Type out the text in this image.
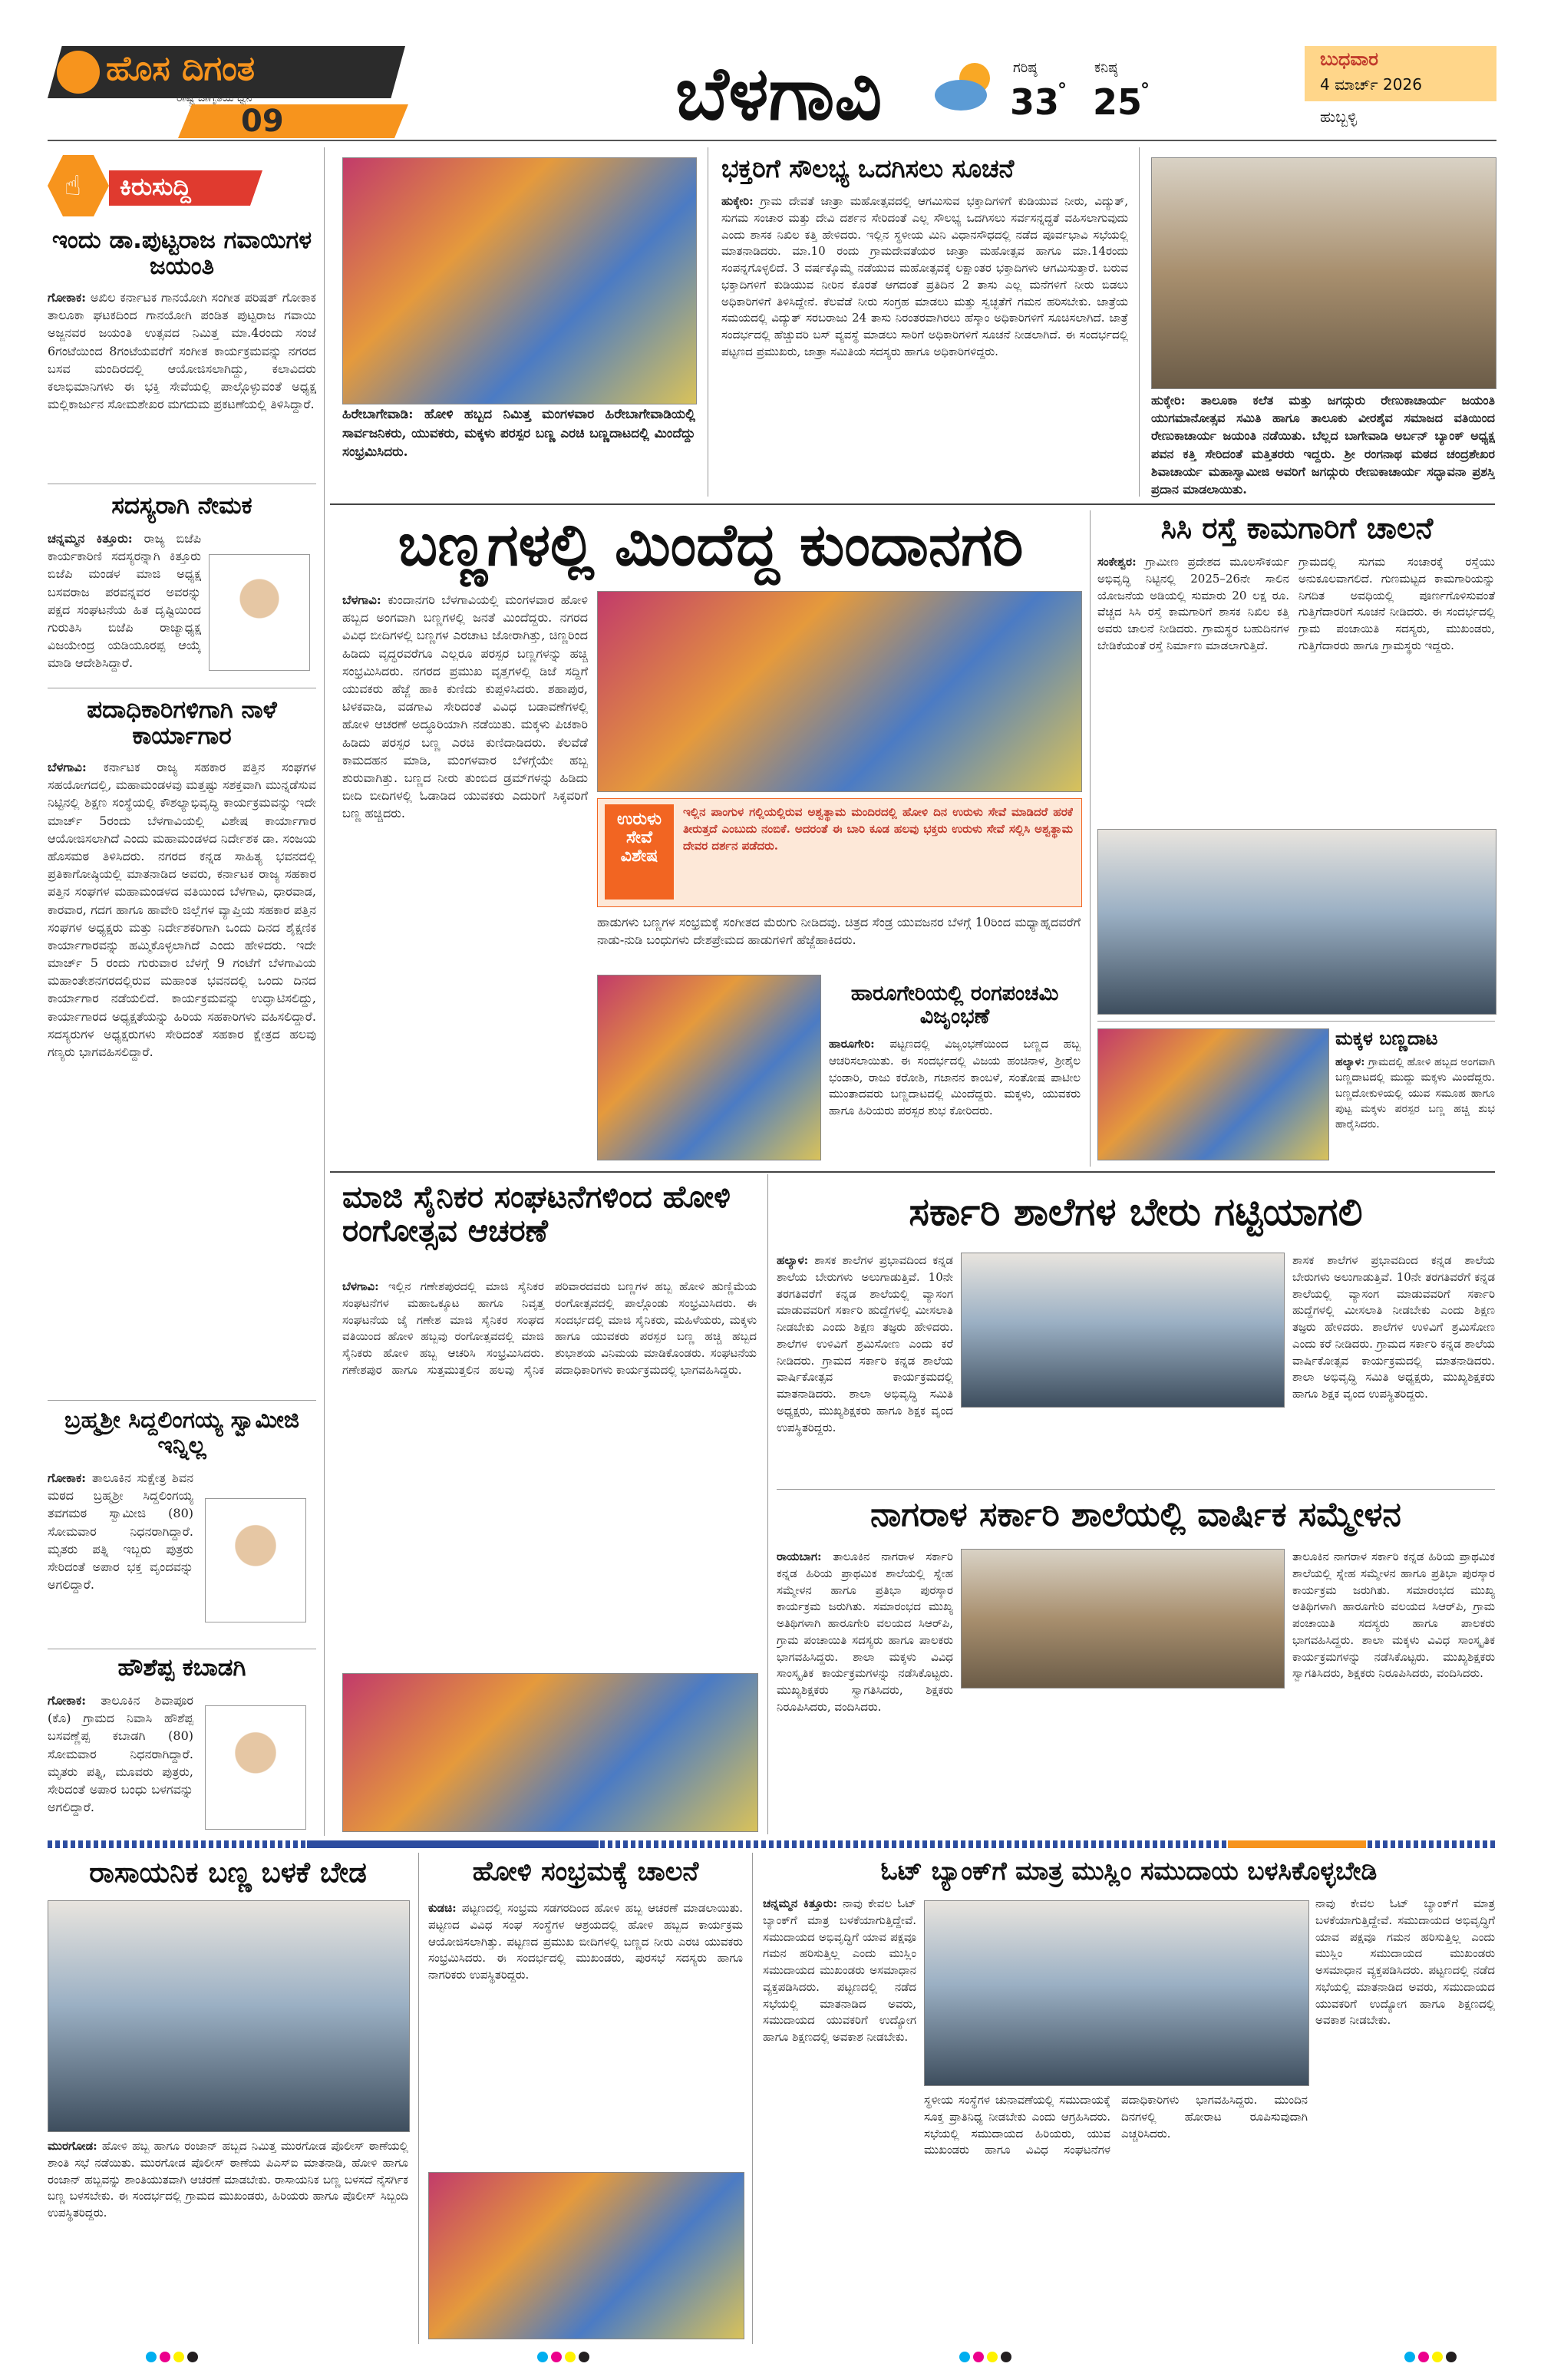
ಹೊಸ ದಿಗಂತ
ರಾಷ್ಟ್ರ ಜಾಗೃತಿಯ ಧ್ವನಿ
09	ಬೆಳಗಾವಿ	ಗರಿಷ್ಠ
33
°
ಕನಿಷ್ಠ
25
°
ಬುಧವಾರ
4 ಮಾರ್ಚ್ 2026
ಹುಬ್ಬಳ್ಳಿ
☝ ಕಿರುಸುದ್ದಿ
ಇಂದು ಡಾ.ಪುಟ್ಟರಾಜ ಗವಾಯಿಗಳ ಜಯಂತಿ
ಗೋಕಾಕ: ಅಖಿಲ ಕರ್ನಾಟಕ ಗಾನಯೋಗಿ ಸಂಗೀತ ಪರಿಷತ್ ಗೋಕಾಕ ತಾಲೂಕಾ ಘಟಕದಿಂದ ಗಾನಯೋಗಿ ಪಂಡಿತ ಪುಟ್ಟರಾಜ ಗವಾಯಿ ಅಜ್ಜನವರ ಜಯಂತಿ ಉತ್ಸವದ ನಿಮಿತ್ತ ಮಾ.4ರಂದು ಸಂಜೆ 6ಗಂಟೆಯಿಂದ 8ಗಂಟೆಯವರೆಗೆ ಸಂಗೀತ ಕಾರ್ಯಕ್ರಮವನ್ನು ನಗರದ ಬಸವ ಮಂದಿರದಲ್ಲಿ ಆಯೋಜಿಸಲಾಗಿದ್ದು, ಕಲಾವಿದರು ಕಲಾಭಿಮಾನಿಗಳು ಈ ಭಕ್ತಿ ಸೇವೆಯಲ್ಲಿ ಪಾಲ್ಗೊಳ್ಳುವಂತೆ ಅಧ್ಯಕ್ಷ ಮಲ್ಲಿಕಾರ್ಜುನ ಸೋಮಶೇಖರ ಮಗದುಮ ಪ್ರಕಟಣೆಯಲ್ಲಿ ತಿಳಿಸಿದ್ದಾರೆ.
ಸದಸ್ಯರಾಗಿ ನೇಮಕ
ಚನ್ನಮ್ಮನ ಕಿತ್ತೂರು: ರಾಜ್ಯ ಬಿಜೆಪಿ ಕಾರ್ಯಕಾರಿಣಿ ಸದಸ್ಯರನ್ನಾಗಿ ಕಿತ್ತೂರು ಬಿಜೆಪಿ ಮಂಡಳ ಮಾಜಿ ಅಧ್ಯಕ್ಷ ಬಸವರಾಜ ಪರವನ್ನವರ ಅವರನ್ನು ಪಕ್ಷದ ಸಂಘಟನೆಯ ಹಿತ ದೃಷ್ಟಿಯಿಂದ ಗುರುತಿಸಿ ಬಿಜೆಪಿ ರಾಜ್ಯಾಧ್ಯಕ್ಷ ವಿಜಯೇಂದ್ರ ಯಡಿಯೂರಪ್ಪ ಆಯ್ಕೆ ಮಾಡಿ ಆದೇಶಿಸಿದ್ದಾರೆ.
ಪದಾಧಿಕಾರಿಗಳಿಗಾಗಿ ನಾಳೆ ಕಾರ್ಯಾಗಾರ
ಬೆಳಗಾವಿ: ಕರ್ನಾಟಕ ರಾಜ್ಯ ಸಹಕಾರ ಪತ್ತಿನ ಸಂಘಗಳ ಸಹಯೋಗದಲ್ಲಿ, ಮಹಾಮಂಡಳವು ಮತ್ತಷ್ಟು ಸಶಕ್ತವಾಗಿ ಮುನ್ನಡೆಸುವ ನಿಟ್ಟಿನಲ್ಲಿ ಶಿಕ್ಷಣ ಸಂಸ್ಥೆಯಲ್ಲಿ ಕೌಶಲ್ಯಾಭಿವೃದ್ಧಿ ಕಾರ್ಯಕ್ರಮವನ್ನು ಇದೇ ಮಾರ್ಚ್ 5ರಂದು ಬೆಳಗಾವಿಯಲ್ಲಿ ವಿಶೇಷ ಕಾರ್ಯಾಗಾರ ಆಯೋಜಿಸಲಾಗಿದೆ ಎಂದು ಮಹಾಮಂಡಳದ ನಿರ್ದೇಶಕ ಡಾ. ಸಂಜಯ ಹೊಸಮಠ ತಿಳಿಸಿದರು. ನಗರದ ಕನ್ನಡ ಸಾಹಿತ್ಯ ಭವನದಲ್ಲಿ ಪ್ರತಿಕಾಗೋಷ್ಠಿಯಲ್ಲಿ ಮಾತನಾಡಿದ ಅವರು, ಕರ್ನಾಟಕ ರಾಜ್ಯ ಸಹಕಾರ ಪತ್ತಿನ ಸಂಘಗಳ ಮಹಾಮಂಡಳದ ವತಿಯಿಂದ ಬೆಳಗಾವಿ, ಧಾರವಾಡ, ಕಾರವಾರ, ಗದಗ ಹಾಗೂ ಹಾವೇರಿ ಜಿಲ್ಲೆಗಳ ವ್ಯಾಪ್ತಿಯ ಸಹಕಾರ ಪತ್ತಿನ ಸಂಘಗಳ ಅಧ್ಯಕ್ಷರು ಮತ್ತು ನಿರ್ದೇಶಕರಿಗಾಗಿ ಒಂದು ದಿನದ ಶೈಕ್ಷಣಿಕ ಕಾರ್ಯಾಗಾರವನ್ನು ಹಮ್ಮಿಕೊಳ್ಳಲಾಗಿದೆ ಎಂದು ಹೇಳಿದರು. ಇದೇ ಮಾರ್ಚ್ 5 ರಂದು ಗುರುವಾರ ಬೆಳಗ್ಗೆ 9 ಗಂಟೆಗೆ ಬೆಳಗಾವಿಯ ಮಹಾಂತೇಶನಗರದಲ್ಲಿರುವ ಮಹಾಂತ ಭವನದಲ್ಲಿ ಒಂದು ದಿನದ ಕಾರ್ಯಾಗಾರ ನಡೆಯಲಿದೆ. ಕಾರ್ಯಕ್ರಮವನ್ನು ಉದ್ಘಾಟಿಸಲಿದ್ದು, ಕಾರ್ಯಾಗಾರದ ಅಧ್ಯಕ್ಷತೆಯನ್ನು ಹಿರಿಯ ಸಹಕಾರಿಗಳು ವಹಿಸಲಿದ್ದಾರೆ. ಸದಸ್ಯರುಗಳ ಅಧ್ಯಕ್ಷರುಗಳು ಸೇರಿದಂತೆ ಸಹಕಾರ ಕ್ಷೇತ್ರದ ಹಲವು ಗಣ್ಯರು ಭಾಗವಹಿಸಲಿದ್ದಾರೆ.
ಬ್ರಹ್ಮಶ್ರೀ ಸಿದ್ದಲಿಂಗಯ್ಯ ಸ್ವಾಮೀಜಿ ಇನ್ನಿಲ್ಲ
ಗೋಕಾಕ: ತಾಲೂಕಿನ ಸುಕ್ಷೇತ್ರ ಶಿವನ ಮಠದ ಬ್ರಹ್ಮಶ್ರೀ ಸಿದ್ದಲಿಂಗಯ್ಯ ತವಗಮಠ ಸ್ವಾಮೀಜಿ (80) ಸೋಮವಾರ ನಿಧನರಾಗಿದ್ದಾರೆ. ಮೃತರು ಪತ್ನಿ ಇಬ್ಬರು ಪುತ್ರರು ಸೇರಿದಂತೆ ಅಪಾರ ಭಕ್ತ ವೃಂದವನ್ನು ಅಗಲಿದ್ದಾರೆ.
ಹೌಶೆಪ್ಪ ಕಬಾಡಗಿ
ಗೋಕಾಕ: ತಾಲೂಕಿನ ಶಿವಾಪೂರ (ಕೊ) ಗ್ರಾಮದ ನಿವಾಸಿ ಹೌಶೆಪ್ಪ ಬಸವಣ್ಣೆಪ್ಪ ಕಬಾಡಗಿ (80) ಸೋಮವಾರ ನಿಧನರಾಗಿದ್ದಾರೆ. ಮೃತರು ಪತ್ನಿ, ಮೂವರು ಪುತ್ರರು, ಸೇರಿದಂತೆ ಅಪಾರ ಬಂಧು ಬಳಗವನ್ನು ಅಗಲಿದ್ದಾರೆ.
ಹಿರೇಬಾಗೇವಾಡಿ: ಹೋಳಿ ಹಬ್ಬದ ನಿಮಿತ್ತ ಮಂಗಳವಾರ ಹಿರೇಬಾಗೇವಾಡಿಯಲ್ಲಿ ಸಾರ್ವಜನಿಕರು, ಯುವಕರು, ಮಕ್ಕಳು ಪರಸ್ಪರ ಬಣ್ಣ ಎರಚಿ ಬಣ್ಣದಾಟದಲ್ಲಿ ಮಿಂದೆದ್ದು ಸಂಭ್ರಮಿಸಿದರು.
ಭಕ್ತರಿಗೆ ಸೌಲಭ್ಯ ಒದಗಿಸಲು ಸೂಚನೆ
ಹುಕ್ಕೇರಿ: ಗ್ರಾಮ ದೇವತೆ ಜಾತ್ರಾ ಮಹೋತ್ಸವದಲ್ಲಿ ಆಗಮಿಸುವ ಭಕ್ತಾದಿಗಳಿಗೆ ಕುಡಿಯುವ ನೀರು, ವಿದ್ಯುತ್, ಸುಗಮ ಸಂಚಾರ ಮತ್ತು ದೇವಿ ದರ್ಶನ ಸೇರಿದಂತೆ ಎಲ್ಲ ಸೌಲಭ್ಯ ಒದಗಿಸಲು ಸರ್ವಸನ್ನದ್ಧತೆ ವಹಿಸಲಾಗುವುದು ಎಂದು ಶಾಸಕ ನಿಖಿಲ ಕತ್ತಿ ಹೇಳಿದರು. ಇಲ್ಲಿನ ಸ್ಥಳೀಯ ಮಿನಿ ವಿಧಾನಸೌಧದಲ್ಲಿ ನಡೆದ ಪೂರ್ವಭಾವಿ ಸಭೆಯಲ್ಲಿ ಮಾತನಾಡಿದರು. ಮಾ.10 ರಂದು ಗ್ರಾಮದೇವತೆಯರ ಜಾತ್ರಾ ಮಹೋತ್ಸವ ಹಾಗೂ ಮಾ.14ರಂದು ಸಂಪನ್ನಗೊಳ್ಳಲಿದೆ. 3 ವರ್ಷಕ್ಕೊಮ್ಮೆ ನಡೆಯುವ ಮಹೋತ್ಸವಕ್ಕೆ ಲಕ್ಷಾಂತರ ಭಕ್ತಾದಿಗಳು ಆಗಮಿಸುತ್ತಾರೆ. ಬರುವ ಭಕ್ತಾದಿಗಳಿಗೆ ಕುಡಿಯುವ ನೀರಿನ ಕೊರತೆ ಆಗದಂತೆ ಪ್ರತಿದಿನ 2 ತಾಸು ಎಲ್ಲ ಮನೆಗಳಿಗೆ ನೀರು ಬಿಡಲು ಅಧಿಕಾರಿಗಳಿಗೆ ತಿಳಿಸಿದ್ದೇನೆ. ಕೆಲವೆಡೆ ನೀರು ಸಂಗ್ರಹ ಮಾಡಲು ಮತ್ತು ಸ್ವಚ್ಛತೆಗೆ ಗಮನ ಹರಿಸಬೇಕು. ಜಾತ್ರೆಯ ಸಮಯದಲ್ಲಿ ವಿದ್ಯುತ್ ಸರಬರಾಜು 24 ತಾಸು ನಿರಂತರವಾಗಿರಲು ಹೆಸ್ಕಾಂ ಅಧಿಕಾರಿಗಳಿಗೆ ಸೂಚಿಸಲಾಗಿದೆ. ಜಾತ್ರೆ ಸಂದರ್ಭದಲ್ಲಿ ಹೆಚ್ಚುವರಿ ಬಸ್ ವ್ಯವಸ್ಥೆ ಮಾಡಲು ಸಾರಿಗೆ ಅಧಿಕಾರಿಗಳಿಗೆ ಸೂಚನೆ ನೀಡಲಾಗಿದೆ. ಈ ಸಂದರ್ಭದಲ್ಲಿ ಪಟ್ಟಣದ ಪ್ರಮುಖರು, ಜಾತ್ರಾ ಸಮಿತಿಯ ಸದಸ್ಯರು ಹಾಗೂ ಅಧಿಕಾರಿಗಳಿದ್ದರು.
ಹುಕ್ಕೇರಿ: ತಾಲೂಕಾ ಕಲೆತ ಮತ್ತು ಜಗದ್ಗುರು ರೇಣುಕಾಚಾರ್ಯ ಜಯಂತಿ ಯುಗಮಾನೋತ್ಸವ ಸಮಿತಿ ಹಾಗೂ ತಾಲೂಕು ವೀರಶೈವ ಸಮಾಜದ ವತಿಯಿಂದ ರೇಣುಕಾಚಾರ್ಯ ಜಯಂತಿ ನಡೆಯಿತು. ಬೆಲ್ಲದ ಬಾಗೇವಾಡಿ ಅರ್ಬನ್ ಬ್ಯಾಂಕ್ ಅಧ್ಯಕ್ಷ ಪವನ ಕತ್ತಿ ಸೇರಿದಂತೆ ಮತ್ತಿತರರು ಇದ್ದರು. ಶ್ರೀ ರಂಗನಾಥ ಮಠದ ಚಂದ್ರಶೇಖರ ಶಿವಾಚಾರ್ಯ ಮಹಾಸ್ವಾಮೀಜಿ ಅವರಿಗೆ ಜಗದ್ಗುರು ರೇಣುಕಾಚಾರ್ಯ ಸದ್ಭಾವನಾ ಪ್ರಶಸ್ತಿ ಪ್ರದಾನ ಮಾಡಲಾಯಿತು.
ಬಣ್ಣಗಳಲ್ಲಿ ಮಿಂದೆದ್ದ ಕುಂದಾನಗರಿ
ಬೆಳಗಾವಿ: ಕುಂದಾನಗರಿ ಬೆಳಗಾವಿಯಲ್ಲಿ ಮಂಗಳವಾರ ಹೋಳಿ ಹಬ್ಬದ ಅಂಗವಾಗಿ ಬಣ್ಣಗಳಲ್ಲಿ ಜನತೆ ಮಿಂದೆದ್ದರು. ನಗರದ ವಿವಿಧ ಬೀದಿಗಳಲ್ಲಿ ಬಣ್ಣಗಳ ಎರಚಾಟ ಜೋರಾಗಿತ್ತು, ಚಿಣ್ಣರಿಂದ ಹಿಡಿದು ವೃದ್ಧರವರೆಗೂ ಎಲ್ಲರೂ ಪರಸ್ಪರ ಬಣ್ಣಗಳನ್ನು ಹಚ್ಚಿ ಸಂಭ್ರಮಿಸಿದರು. ನಗರದ ಪ್ರಮುಖ ವೃತ್ತಗಳಲ್ಲಿ ಡಿಜೆ ಸದ್ದಿಗೆ ಯುವಕರು ಹೆಜ್ಜೆ ಹಾಕಿ ಕುಣಿದು ಕುಪ್ಪಳಿಸಿದರು. ಶಹಾಪುರ, ಟಿಳಕವಾಡಿ, ವಡಗಾವಿ ಸೇರಿದಂತೆ ವಿವಿಧ ಬಡಾವಣೆಗಳಲ್ಲಿ ಹೋಳಿ ಆಚರಣೆ ಅದ್ಧೂರಿಯಾಗಿ ನಡೆಯಿತು. ಮಕ್ಕಳು ಪಿಚಕಾರಿ ಹಿಡಿದು ಪರಸ್ಪರ ಬಣ್ಣ ಎರಚಿ ಕುಣಿದಾಡಿದರು. ಕೆಲವೆಡೆ ಕಾಮದಹನ ಮಾಡಿ, ಮಂಗಳವಾರ ಬೆಳಗ್ಗೆಯೇ ಹಬ್ಬ ಶುರುವಾಗಿತ್ತು. ಬಣ್ಣದ ನೀರು ತುಂಬಿದ ಡ್ರಮ್‌ಗಳನ್ನು ಹಿಡಿದು ಬೀದಿ ಬೀದಿಗಳಲ್ಲಿ ಓಡಾಡಿದ ಯುವಕರು ಎದುರಿಗೆ ಸಿಕ್ಕವರಿಗೆ ಬಣ್ಣ ಹಚ್ಚಿದರು.	ಉರುಳು ಸೇವೆ ವಿಶೇಷ
ಇಲ್ಲಿನ ಪಾಂಗುಳ ಗಲ್ಲಿಯಲ್ಲಿರುವ ಅಶ್ವತ್ಥಾಮ ಮಂದಿರದಲ್ಲಿ ಹೋಳಿ ದಿನ ಉರುಳು ಸೇವೆ ಮಾಡಿದರೆ ಹರಕೆ ತೀರುತ್ತದೆ ಎಂಬುದು ನಂಬಿಕೆ. ಅದರಂತೆ ಈ ಬಾರಿ ಕೂಡ ಹಲವು ಭಕ್ತರು ಉರುಳು ಸೇವೆ ಸಲ್ಲಿಸಿ ಅಶ್ವತ್ಥಾಮ ದೇವರ ದರ್ಶನ ಪಡೆದರು.
ಹಾಡುಗಳು ಬಣ್ಣಗಳ ಸಂಭ್ರಮಕ್ಕೆ ಸಂಗೀತದ ಮೆರುಗು ನೀಡಿದವು. ಚಿತ್ರದ ಸೆಂಡ್ರ ಯುವಜನರ ಬೆಳಗ್ಗೆ 10ರಿಂದ ಮಧ್ಯಾಹ್ನದವರೆಗೆ ನಾಡು-ನುಡಿ ಬಂಧುಗಳು ದೇಶಪ್ರೇಮದ ಹಾಡುಗಳಿಗೆ ಹೆಜ್ಜೆಹಾಕಿದರು.
ಹಾರೂಗೇರಿಯಲ್ಲಿ ರಂಗಪಂಚಮಿ ವಿಜೃಂಭಣೆ
ಹಾರೂಗೇರಿ: ಪಟ್ಟಣದಲ್ಲಿ ವಿಜೃಂಭಣೆಯಿಂದ ಬಣ್ಣದ ಹಬ್ಬ ಆಚರಿಸಲಾಯಿತು. ಈ ಸಂದರ್ಭದಲ್ಲಿ ವಿಜಯ ಹಂಚಿನಾಳ, ಶ್ರೀಶೈಲ ಭಂಡಾರಿ, ರಾಜು ಕರೋಶಿ, ಗಜಾನನ ಕಾಂಬಳೆ, ಸಂತೋಷ ಪಾಟೀಲ ಮುಂತಾದವರು ಬಣ್ಣದಾಟದಲ್ಲಿ ಮಿಂದೆದ್ದರು. ಮಕ್ಕಳು, ಯುವಕರು ಹಾಗೂ ಹಿರಿಯರು ಪರಸ್ಪರ ಶುಭ ಕೋರಿದರು.
ಸಿಸಿ ರಸ್ತೆ ಕಾಮಗಾರಿಗೆ ಚಾಲನೆ
ಸಂಕೇಶ್ವರ: ಗ್ರಾಮೀಣ ಪ್ರದೇಶದ ಮೂಲಸೌಕರ್ಯ ಅಭಿವೃದ್ಧಿ ನಿಟ್ಟಿನಲ್ಲಿ 2025–26ನೇ ಸಾಲಿನ ಯೋಜನೆಯ ಅಡಿಯಲ್ಲಿ ಸುಮಾರು 20 ಲಕ್ಷ ರೂ. ವೆಚ್ಚದ ಸಿಸಿ ರಸ್ತೆ ಕಾಮಗಾರಿಗೆ ಶಾಸಕ ನಿಖಿಲ ಕತ್ತಿ ಅವರು ಚಾಲನೆ ನೀಡಿದರು. ಗ್ರಾಮಸ್ಥರ ಬಹುದಿನಗಳ ಬೇಡಿಕೆಯಂತೆ ರಸ್ತೆ ನಿರ್ಮಾಣ ಮಾಡಲಾಗುತ್ತಿದೆ.
ಗ್ರಾಮದಲ್ಲಿ ಸುಗಮ ಸಂಚಾರಕ್ಕೆ ರಸ್ತೆಯು ಅನುಕೂಲವಾಗಲಿದೆ. ಗುಣಮಟ್ಟದ ಕಾಮಗಾರಿಯನ್ನು ನಿಗದಿತ ಅವಧಿಯಲ್ಲಿ ಪೂರ್ಣಗೊಳಿಸುವಂತೆ ಗುತ್ತಿಗೆದಾರರಿಗೆ ಸೂಚನೆ ನೀಡಿದರು. ಈ ಸಂದರ್ಭದಲ್ಲಿ ಗ್ರಾಮ ಪಂಚಾಯಿತಿ ಸದಸ್ಯರು, ಮುಖಂಡರು, ಗುತ್ತಿಗೆದಾರರು ಹಾಗೂ ಗ್ರಾಮಸ್ಥರು ಇದ್ದರು.
ಮಕ್ಕಳ ಬಣ್ಣದಾಟ
ಹಲ್ಯಾಳ: ಗ್ರಾಮದಲ್ಲಿ ಹೋಳಿ ಹಬ್ಬದ ಅಂಗವಾಗಿ ಬಣ್ಣದಾಟದಲ್ಲಿ ಮುದ್ದು ಮಕ್ಕಳು ಮಿಂದೆದ್ದರು. ಬಣ್ಣದೋಕುಳಿಯಲ್ಲಿ ಯುವ ಸಮೂಹ ಹಾಗೂ ಪುಟ್ಟ ಮಕ್ಕಳು ಪರಸ್ಪರ ಬಣ್ಣ ಹಚ್ಚಿ ಶುಭ ಹಾರೈಸಿದರು.
ಮಾಜಿ ಸೈನಿಕರ ಸಂಘಟನೆಗಳಿಂದ ಹೋಳಿ ರಂಗೋತ್ಸವ ಆಚರಣೆ
ಬೆಳಗಾವಿ: ಇಲ್ಲಿನ ಗಣೇಶಪುರದಲ್ಲಿ ಮಾಜಿ ಸೈನಿಕರ ಸಂಘಟನೆಗಳ ಮಹಾಒಕ್ಕೂಟ ಹಾಗೂ ನಿವೃತ್ತ ಸಂಘಟನೆಯ ಜೈ ಗಣೇಶ ಮಾಜಿ ಸೈನಿಕರ ಸಂಘದ ವತಿಯಿಂದ ಹೋಳಿ ಹಬ್ಬವು ರಂಗೋತ್ಸವದಲ್ಲಿ ಮಾಜಿ ಸೈನಿಕರು ಹೋಳಿ ಹಬ್ಬ ಆಚರಿಸಿ ಸಂಭ್ರಮಿಸಿದರು. ಗಣೇಶಪುರ ಹಾಗೂ ಸುತ್ತಮುತ್ತಲಿನ ಹಲವು ಸೈನಿಕ ಪರಿವಾರದವರು ಬಣ್ಣಗಳ ಹಬ್ಬ ಹೋಳಿ ಹುಣ್ಣಿಮೆಯ ರಂಗೋತ್ಸವದಲ್ಲಿ ಪಾಲ್ಗೊಂಡು ಸಂಭ್ರಮಿಸಿದರು. ಈ ಸಂದರ್ಭದಲ್ಲಿ ಮಾಜಿ ಸೈನಿಕರು, ಮಹಿಳೆಯರು, ಮಕ್ಕಳು ಹಾಗೂ ಯುವಕರು ಪರಸ್ಪರ ಬಣ್ಣ ಹಚ್ಚಿ ಹಬ್ಬದ ಶುಭಾಶಯ ವಿನಿಮಯ ಮಾಡಿಕೊಂಡರು. ಸಂಘಟನೆಯ ಪದಾಧಿಕಾರಿಗಳು ಕಾರ್ಯಕ್ರಮದಲ್ಲಿ ಭಾಗವಹಿಸಿದ್ದರು.
ಸರ್ಕಾರಿ ಶಾಲೆಗಳ ಬೇರು ಗಟ್ಟಿಯಾಗಲಿ
ಹಲ್ಯಾಳ: ಶಾಸಕ ಶಾಲೆಗಳ ಪ್ರಭಾವದಿಂದ ಕನ್ನಡ ಶಾಲೆಯ ಬೇರುಗಳು ಅಲುಗಾಡುತ್ತಿವೆ. 10ನೇ ತರಗತಿವರೆಗೆ ಕನ್ನಡ ಶಾಲೆಯಲ್ಲಿ ವ್ಯಾಸಂಗ ಮಾಡುವವರಿಗೆ ಸರ್ಕಾರಿ ಹುದ್ದೆಗಳಲ್ಲಿ ಮೀಸಲಾತಿ ನೀಡಬೇಕು ಎಂದು ಶಿಕ್ಷಣ ತಜ್ಞರು ಹೇಳಿದರು. ಶಾಲೆಗಳ ಉಳಿವಿಗೆ ಶ್ರಮಿಸೋಣ ಎಂದು ಕರೆ ನೀಡಿದರು. ಗ್ರಾಮದ ಸರ್ಕಾರಿ ಕನ್ನಡ ಶಾಲೆಯ ವಾರ್ಷಿಕೋತ್ಸವ ಕಾರ್ಯಕ್ರಮದಲ್ಲಿ ಮಾತನಾಡಿದರು. ಶಾಲಾ ಅಭಿವೃದ್ಧಿ ಸಮಿತಿ ಅಧ್ಯಕ್ಷರು, ಮುಖ್ಯಶಿಕ್ಷಕರು ಹಾಗೂ ಶಿಕ್ಷಕ ವೃಂದ ಉಪಸ್ಥಿತರಿದ್ದರು.
ಶಾಸಕ ಶಾಲೆಗಳ ಪ್ರಭಾವದಿಂದ ಕನ್ನಡ ಶಾಲೆಯ ಬೇರುಗಳು ಅಲುಗಾಡುತ್ತಿವೆ. 10ನೇ ತರಗತಿವರೆಗೆ ಕನ್ನಡ ಶಾಲೆಯಲ್ಲಿ ವ್ಯಾಸಂಗ ಮಾಡುವವರಿಗೆ ಸರ್ಕಾರಿ ಹುದ್ದೆಗಳಲ್ಲಿ ಮೀಸಲಾತಿ ನೀಡಬೇಕು ಎಂದು ಶಿಕ್ಷಣ ತಜ್ಞರು ಹೇಳಿದರು. ಶಾಲೆಗಳ ಉಳಿವಿಗೆ ಶ್ರಮಿಸೋಣ ಎಂದು ಕರೆ ನೀಡಿದರು. ಗ್ರಾಮದ ಸರ್ಕಾರಿ ಕನ್ನಡ ಶಾಲೆಯ ವಾರ್ಷಿಕೋತ್ಸವ ಕಾರ್ಯಕ್ರಮದಲ್ಲಿ ಮಾತನಾಡಿದರು. ಶಾಲಾ ಅಭಿವೃದ್ಧಿ ಸಮಿತಿ ಅಧ್ಯಕ್ಷರು, ಮುಖ್ಯಶಿಕ್ಷಕರು ಹಾಗೂ ಶಿಕ್ಷಕ ವೃಂದ ಉಪಸ್ಥಿತರಿದ್ದರು.
ನಾಗರಾಳ ಸರ್ಕಾರಿ ಶಾಲೆಯಲ್ಲಿ ವಾರ್ಷಿಕ ಸಮ್ಮೇಳನ
ರಾಯಬಾಗ: ತಾಲೂಕಿನ ನಾಗರಾಳ ಸರ್ಕಾರಿ ಕನ್ನಡ ಹಿರಿಯ ಪ್ರಾಥಮಿಕ ಶಾಲೆಯಲ್ಲಿ ಸ್ನೇಹ ಸಮ್ಮೇಳನ ಹಾಗೂ ಪ್ರತಿಭಾ ಪುರಸ್ಕಾರ ಕಾರ್ಯಕ್ರಮ ಜರುಗಿತು. ಸಮಾರಂಭದ ಮುಖ್ಯ ಅತಿಥಿಗಳಾಗಿ ಹಾರೂಗೇರಿ ವಲಯದ ಸಿಆರ್‌ಪಿ, ಗ್ರಾಮ ಪಂಚಾಯಿತಿ ಸದಸ್ಯರು ಹಾಗೂ ಪಾಲಕರು ಭಾಗವಹಿಸಿದ್ದರು. ಶಾಲಾ ಮಕ್ಕಳು ವಿವಿಧ ಸಾಂಸ್ಕೃತಿಕ ಕಾರ್ಯಕ್ರಮಗಳನ್ನು ನಡೆಸಿಕೊಟ್ಟರು. ಮುಖ್ಯಶಿಕ್ಷಕರು ಸ್ವಾಗತಿಸಿದರು, ಶಿಕ್ಷಕರು ನಿರೂಪಿಸಿದರು, ವಂದಿಸಿದರು.
ತಾಲೂಕಿನ ನಾಗರಾಳ ಸರ್ಕಾರಿ ಕನ್ನಡ ಹಿರಿಯ ಪ್ರಾಥಮಿಕ ಶಾಲೆಯಲ್ಲಿ ಸ್ನೇಹ ಸಮ್ಮೇಳನ ಹಾಗೂ ಪ್ರತಿಭಾ ಪುರಸ್ಕಾರ ಕಾರ್ಯಕ್ರಮ ಜರುಗಿತು. ಸಮಾರಂಭದ ಮುಖ್ಯ ಅತಿಥಿಗಳಾಗಿ ಹಾರೂಗೇರಿ ವಲಯದ ಸಿಆರ್‌ಪಿ, ಗ್ರಾಮ ಪಂಚಾಯಿತಿ ಸದಸ್ಯರು ಹಾಗೂ ಪಾಲಕರು ಭಾಗವಹಿಸಿದ್ದರು. ಶಾಲಾ ಮಕ್ಕಳು ವಿವಿಧ ಸಾಂಸ್ಕೃತಿಕ ಕಾರ್ಯಕ್ರಮಗಳನ್ನು ನಡೆಸಿಕೊಟ್ಟರು. ಮುಖ್ಯಶಿಕ್ಷಕರು ಸ್ವಾಗತಿಸಿದರು, ಶಿಕ್ಷಕರು ನಿರೂಪಿಸಿದರು, ವಂದಿಸಿದರು.
ರಾಸಾಯನಿಕ ಬಣ್ಣ ಬಳಕೆ ಬೇಡ
ಮುರಗೋಡ: ಹೋಳಿ ಹಬ್ಬ ಹಾಗೂ ರಂಜಾನ್ ಹಬ್ಬದ ನಿಮಿತ್ತ ಮುರಗೋಡ ಪೊಲೀಸ್ ಠಾಣೆಯಲ್ಲಿ ಶಾಂತಿ ಸಭೆ ನಡೆಯಿತು. ಮುರಗೋಡ ಪೊಲೀಸ್ ಠಾಣೆಯ ಪಿಎಸ್‌ಐ ಮಾತನಾಡಿ, ಹೋಳಿ ಹಾಗೂ ರಂಜಾನ್ ಹಬ್ಬವನ್ನು ಶಾಂತಿಯುತವಾಗಿ ಆಚರಣೆ ಮಾಡಬೇಕು. ರಾಸಾಯನಿಕ ಬಣ್ಣ ಬಳಸದೆ ನೈಸರ್ಗಿಕ ಬಣ್ಣ ಬಳಸಬೇಕು. ಈ ಸಂದರ್ಭದಲ್ಲಿ ಗ್ರಾಮದ ಮುಖಂಡರು, ಹಿರಿಯರು ಹಾಗೂ ಪೊಲೀಸ್ ಸಿಬ್ಬಂದಿ ಉಪಸ್ಥಿತರಿದ್ದರು.
ಹೋಳಿ ಸಂಭ್ರಮಕ್ಕೆ ಚಾಲನೆ
ಕುಡಚಿ: ಪಟ್ಟಣದಲ್ಲಿ ಸಂಭ್ರಮ ಸಡಗರದಿಂದ ಹೋಳಿ ಹಬ್ಬ ಆಚರಣೆ ಮಾಡಲಾಯಿತು. ಪಟ್ಟಣದ ವಿವಿಧ ಸಂಘ ಸಂಸ್ಥೆಗಳ ಆಶ್ರಯದಲ್ಲಿ ಹೋಳಿ ಹಬ್ಬದ ಕಾರ್ಯಕ್ರಮ ಆಯೋಜಿಸಲಾಗಿತ್ತು. ಪಟ್ಟಣದ ಪ್ರಮುಖ ಬೀದಿಗಳಲ್ಲಿ ಬಣ್ಣದ ನೀರು ಎರಚಿ ಯುವಕರು ಸಂಭ್ರಮಿಸಿದರು. ಈ ಸಂದರ್ಭದಲ್ಲಿ ಮುಖಂಡರು, ಪುರಸಭೆ ಸದಸ್ಯರು ಹಾಗೂ ನಾಗರಿಕರು ಉಪಸ್ಥಿತರಿದ್ದರು.
ಓಟ್ ಬ್ಯಾಂಕ್‌ಗೆ ಮಾತ್ರ ಮುಸ್ಲಿಂ ಸಮುದಾಯ ಬಳಸಿಕೊಳ್ಳಬೇಡಿ
ಚನ್ನಮ್ಮನ ಕಿತ್ತೂರು: ನಾವು ಕೇವಲ ಓಟ್ ಬ್ಯಾಂಕ್‌ಗೆ ಮಾತ್ರ ಬಳಕೆಯಾಗುತ್ತಿದ್ದೇವೆ. ಸಮುದಾಯದ ಅಭಿವೃದ್ಧಿಗೆ ಯಾವ ಪಕ್ಷವೂ ಗಮನ ಹರಿಸುತ್ತಿಲ್ಲ ಎಂದು ಮುಸ್ಲಿಂ ಸಮುದಾಯದ ಮುಖಂಡರು ಅಸಮಾಧಾನ ವ್ಯಕ್ತಪಡಿಸಿದರು. ಪಟ್ಟಣದಲ್ಲಿ ನಡೆದ ಸಭೆಯಲ್ಲಿ ಮಾತನಾಡಿದ ಅವರು, ಸಮುದಾಯದ ಯುವಕರಿಗೆ ಉದ್ಯೋಗ ಹಾಗೂ ಶಿಕ್ಷಣದಲ್ಲಿ ಅವಕಾಶ ನೀಡಬೇಕು.
ಸ್ಥಳೀಯ ಸಂಸ್ಥೆಗಳ ಚುನಾವಣೆಯಲ್ಲಿ ಸಮುದಾಯಕ್ಕೆ ಸೂಕ್ತ ಪ್ರಾತಿನಿಧ್ಯ ನೀಡಬೇಕು ಎಂದು ಆಗ್ರಹಿಸಿದರು. ಸಭೆಯಲ್ಲಿ ಸಮುದಾಯದ ಹಿರಿಯರು, ಯುವ ಮುಖಂಡರು ಹಾಗೂ ವಿವಿಧ ಸಂಘಟನೆಗಳ ಪದಾಧಿಕಾರಿಗಳು ಭಾಗವಹಿಸಿದ್ದರು. ಮುಂದಿನ ದಿನಗಳಲ್ಲಿ ಹೋರಾಟ ರೂಪಿಸುವುದಾಗಿ ಎಚ್ಚರಿಸಿದರು.
ನಾವು ಕೇವಲ ಓಟ್ ಬ್ಯಾಂಕ್‌ಗೆ ಮಾತ್ರ ಬಳಕೆಯಾಗುತ್ತಿದ್ದೇವೆ. ಸಮುದಾಯದ ಅಭಿವೃದ್ಧಿಗೆ ಯಾವ ಪಕ್ಷವೂ ಗಮನ ಹರಿಸುತ್ತಿಲ್ಲ ಎಂದು ಮುಸ್ಲಿಂ ಸಮುದಾಯದ ಮುಖಂಡರು ಅಸಮಾಧಾನ ವ್ಯಕ್ತಪಡಿಸಿದರು. ಪಟ್ಟಣದಲ್ಲಿ ನಡೆದ ಸಭೆಯಲ್ಲಿ ಮಾತನಾಡಿದ ಅವರು, ಸಮುದಾಯದ ಯುವಕರಿಗೆ ಉದ್ಯೋಗ ಹಾಗೂ ಶಿಕ್ಷಣದಲ್ಲಿ ಅವಕಾಶ ನೀಡಬೇಕು.
